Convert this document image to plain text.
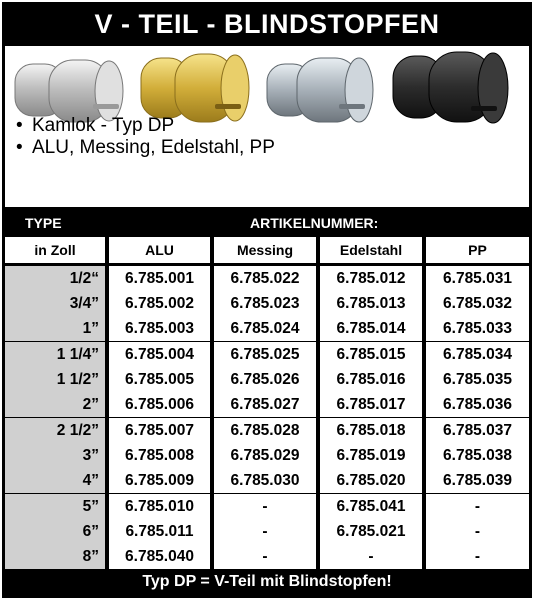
V - TEIL - BLINDSTOPFEN
• Kamlok - Typ DP
• ALU, Messing, Edelstahl, PP
TYPE	ARTIKELNUMMER:
in Zoll	ALU	Messing	Edelstahl	PP
1/2“	6.785.001	6.785.022	6.785.012	6.785.031
3/4”	6.785.002	6.785.023	6.785.013	6.785.032
1”	6.785.003	6.785.024	6.785.014	6.785.033
1 1/4”	6.785.004	6.785.025	6.785.015	6.785.034
1 1/2”	6.785.005	6.785.026	6.785.016	6.785.035
2”	6.785.006	6.785.027	6.785.017	6.785.036
2 1/2”	6.785.007	6.785.028	6.785.018	6.785.037
3”	6.785.008	6.785.029	6.785.019	6.785.038
4”	6.785.009	6.785.030	6.785.020	6.785.039
5”	6.785.010	-	6.785.041	-
6”	6.785.011	-	6.785.021	-
8”	6.785.040	-	-	-
Typ DP = V-Teil mit Blindstopfen!
